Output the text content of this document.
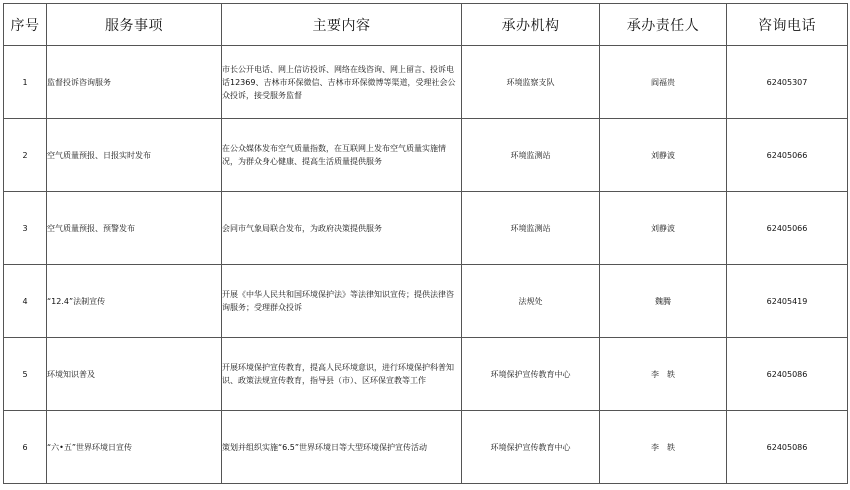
序号	服务事项	主要内容	承办机构	承办责任人	咨询电话
1	监督投诉咨询服务	市长公开电话、网上信访投诉、网络在线咨询、网上留言、投诉电话12369、吉林市环保微信、吉林市环保微博等渠道，受理社会公众投诉，接受服务监督	环境监察支队	阎福贵	62405307
2	空气质量预报、日报实时发布	在公众媒体发布空气质量指数，在互联网上发布空气质量实施情况，为群众身心健康、提高生活质量提供服务	环境监测站	刘静波	62405066
3	空气质量预报、预警发布	会同市气象局联合发布，为政府决策提供服务	环境监测站	刘静波	62405066
4	“12.4”法制宣传	开展《中华人民共和国环境保护法》等法律知识宣传；提供法律咨询服务；受理群众投诉	法规处	魏腾	62405419
5	环境知识普及	开展环境保护宣传教育，提高人民环境意识，进行环境保护科普知识、政策法规宣传教育，指导县（市）、区环保宣教等工作	环境保护宣传教育中心	李　轶	62405086
6	“六•五”世界环境日宣传	策划并组织实施“6.5”世界环境日等大型环境保护宣传活动	环境保护宣传教育中心	李　轶	62405086
